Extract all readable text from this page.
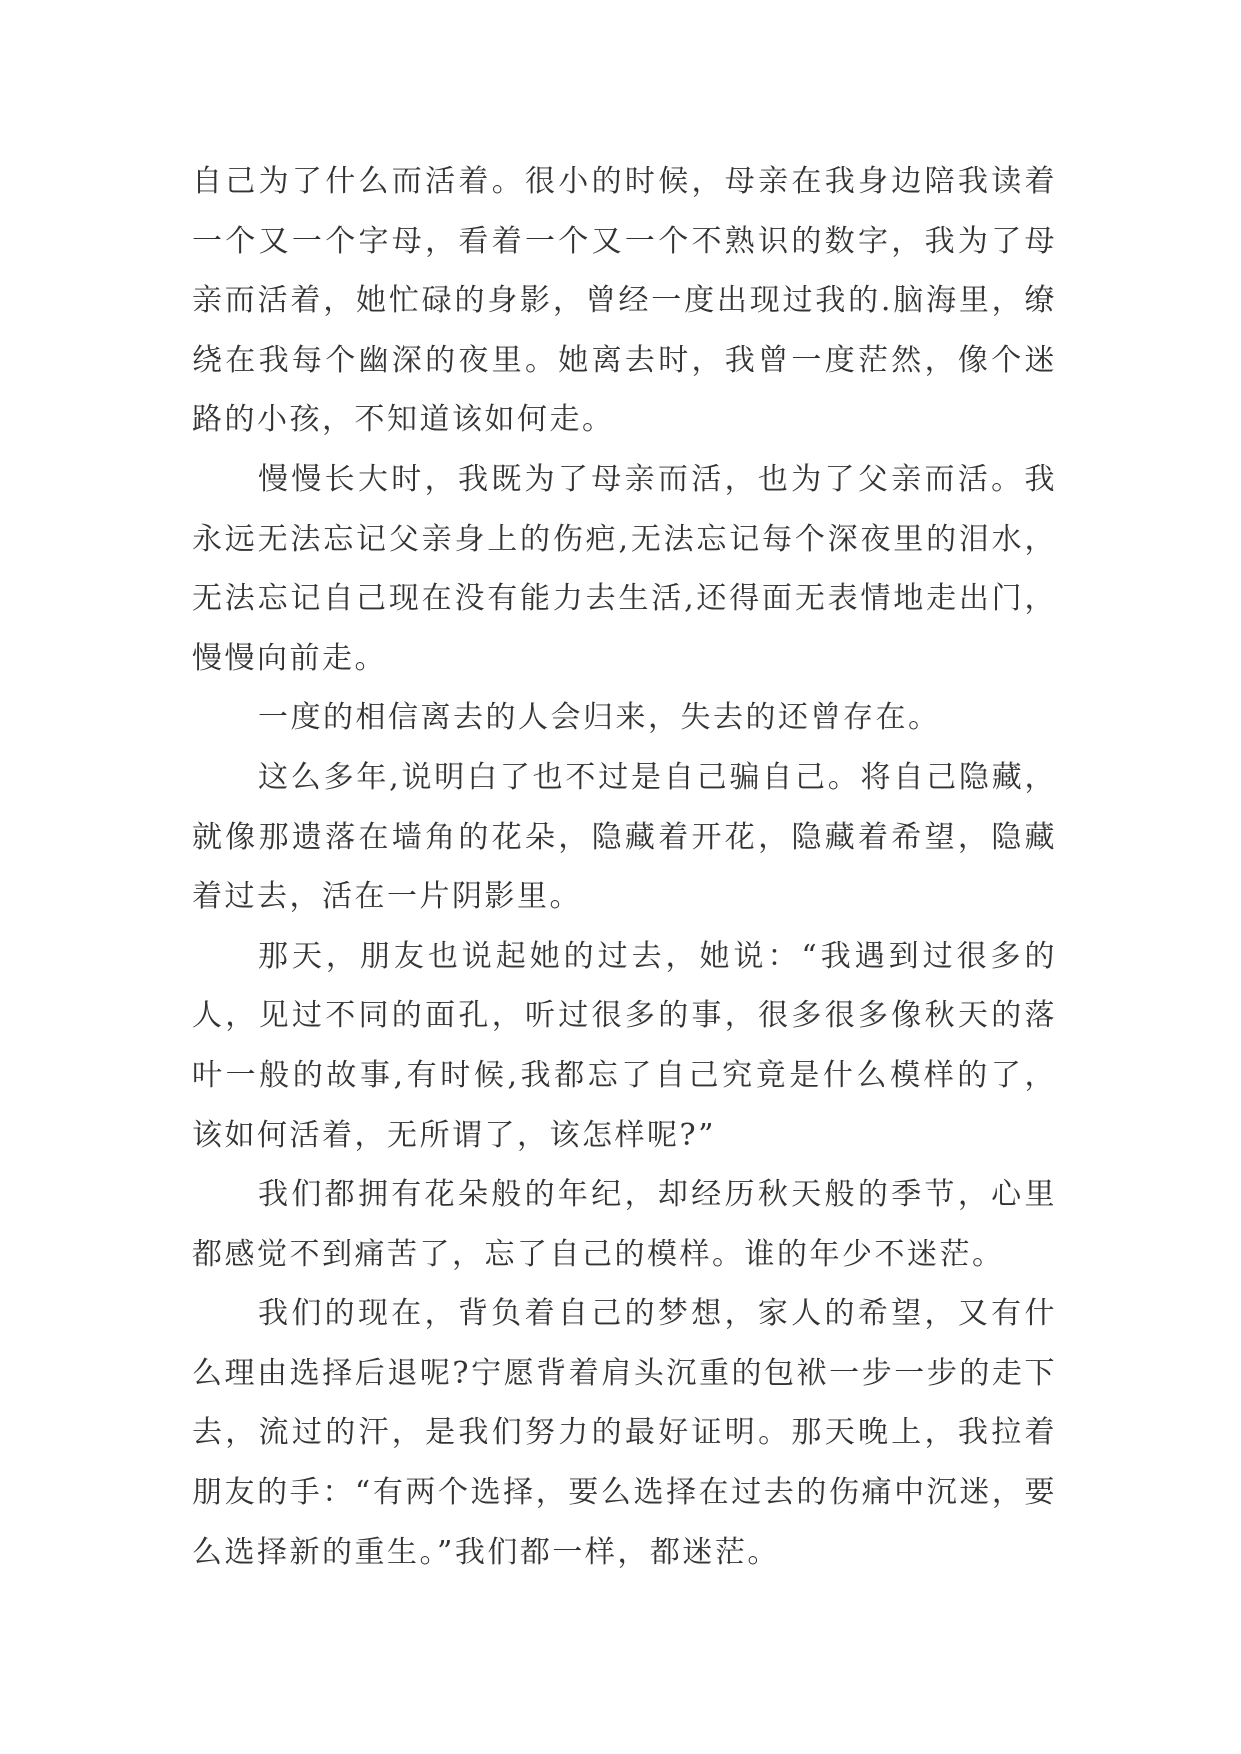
自己为了什么而活着。很小的时候，母亲在我身边陪我读着一个又一个字母，看着一个又一个不熟识的数字，我为了母亲而活着，她忙碌的身影，曾经一度出现过我的.脑海里，缭绕在我每个幽深的夜里。她离去时，我曾一度茫然，像个迷路的小孩，不知道该如何走。

慢慢长大时，我既为了母亲而活，也为了父亲而活。我永远无法忘记父亲身上的伤疤,无法忘记每个深夜里的泪水，无法忘记自己现在没有能力去生活,还得面无表情地走出门，慢慢向前走。

一度的相信离去的人会归来，失去的还曾存在。

这么多年,说明白了也不过是自己骗自己。将自己隐藏，就像那遗落在墙角的花朵，隐藏着开花，隐藏着希望，隐藏着过去，活在一片阴影里。

那天，朋友也说起她的过去，她说：“我遇到过很多的人，见过不同的面孔，听过很多的事，很多很多像秋天的落叶一般的故事,有时候,我都忘了自己究竟是什么模样的了，该如何活着，无所谓了，该怎样呢?”

我们都拥有花朵般的年纪，却经历秋天般的季节，心里都感觉不到痛苦了，忘了自己的模样。谁的年少不迷茫。

我们的现在，背负着自己的梦想，家人的希望，又有什么理由选择后退呢?宁愿背着肩头沉重的包袱一步一步的走下去，流过的汗，是我们努力的最好证明。那天晚上，我拉着朋友的手：“有两个选择，要么选择在过去的伤痛中沉迷，要么选择新的重生。”我们都一样，都迷茫。
